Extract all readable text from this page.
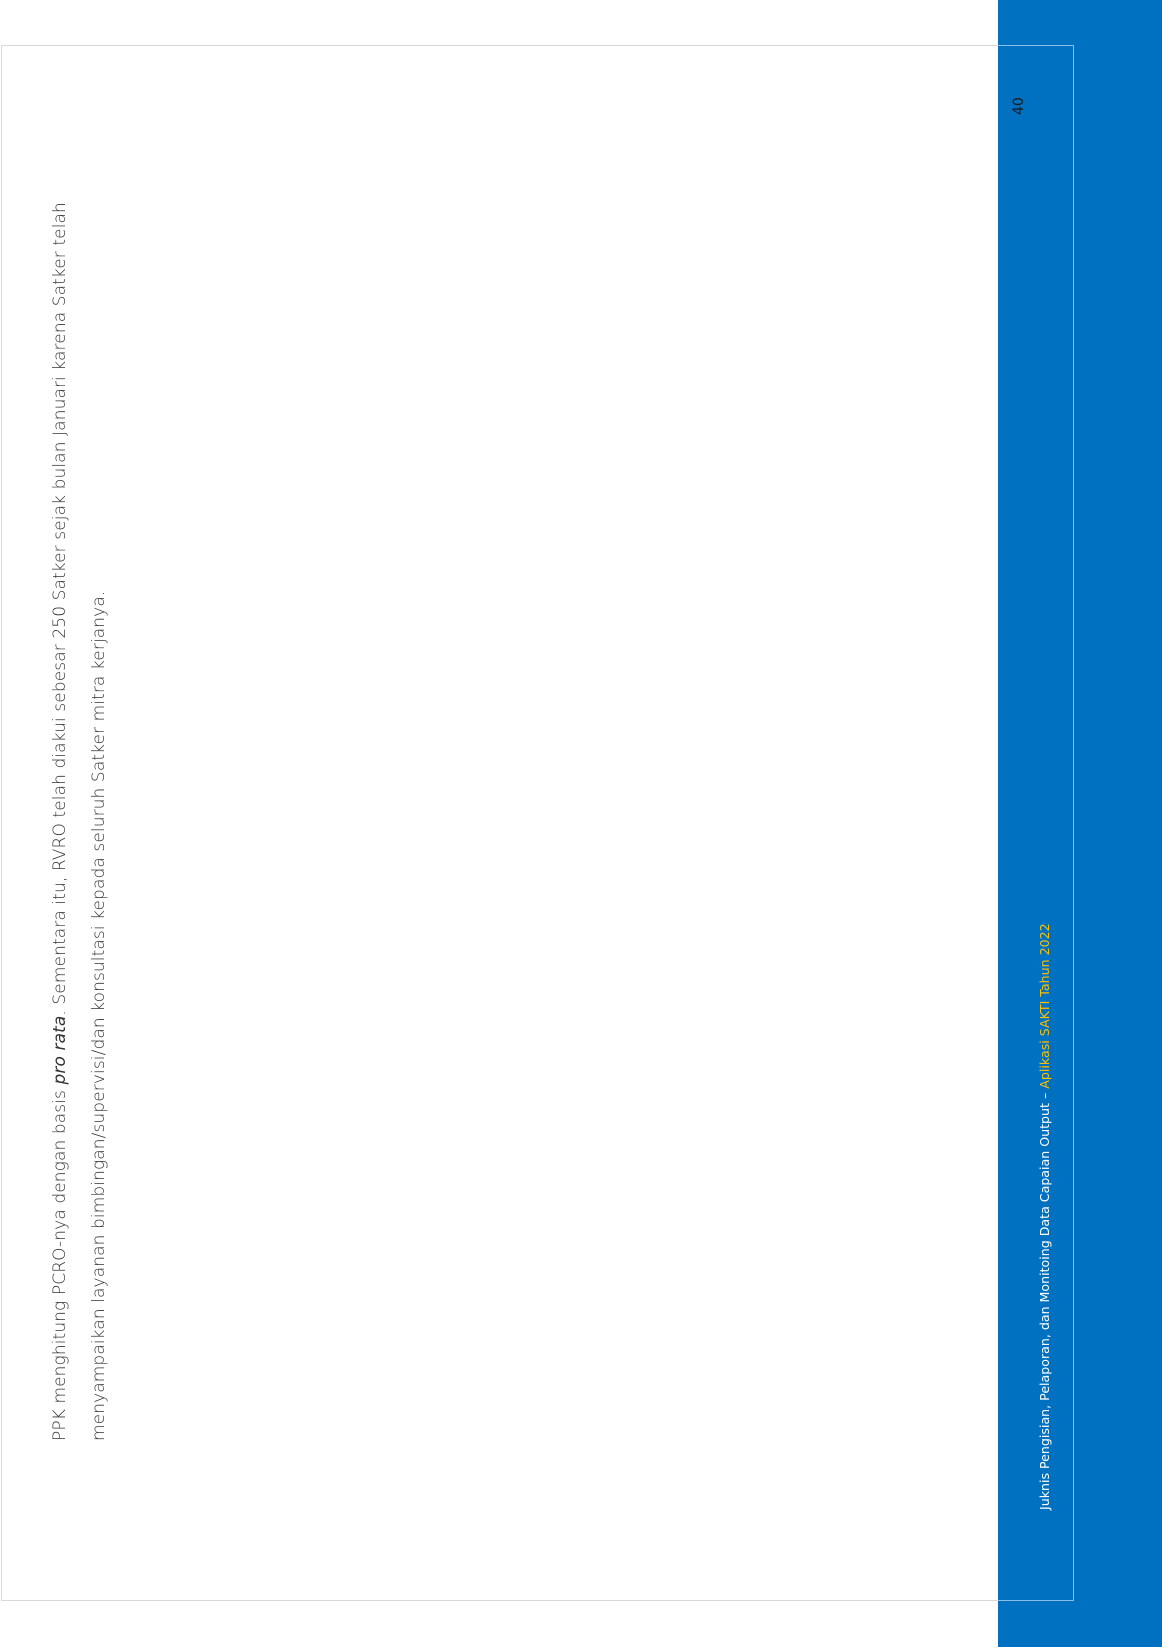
PPK menghitung PCRO-nya dengan basis pro rata. Sementara itu, RVRO telah diakui sebesar 250 Satker sejak bulan Januari karena Satker telah menyampaikan layanan bimbingan/supervisi/dan konsultasi kepada seluruh Satker mitra kerjanya.	Juknis Pengisian, Pelaporan, dan Monitoing Data Capaian Output – Aplikasi SAKTI Tahun 2022
40
